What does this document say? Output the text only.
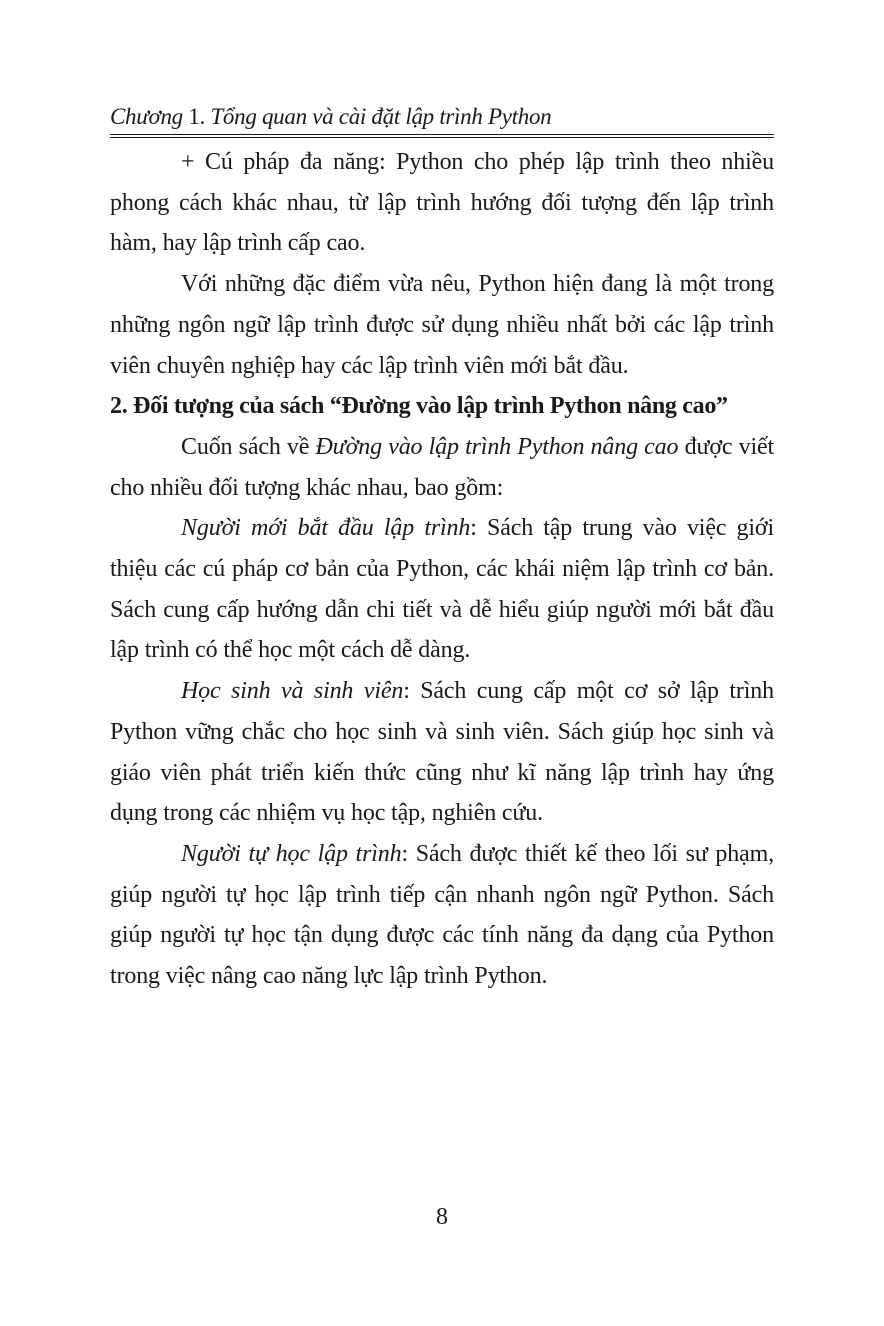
Chương 1. Tổng quan và cài đặt lập trình Python

+ Cú pháp đa năng: Python cho phép lập trình theo nhiều phong cách khác nhau, từ lập trình hướng đối tượng đến lập trình hàm, hay lập trình cấp cao.

Với những đặc điểm vừa nêu, Python hiện đang là một trong những ngôn ngữ lập trình được sử dụng nhiều nhất bởi các lập trình viên chuyên nghiệp hay các lập trình viên mới bắt đầu.

2. Đối tượng của sách “Đường vào lập trình Python nâng cao”

Cuốn sách về Đường vào lập trình Python nâng cao được viết cho nhiều đối tượng khác nhau, bao gồm:

Người mới bắt đầu lập trình: Sách tập trung vào việc giới thiệu các cú pháp cơ bản của Python, các khái niệm lập trình cơ bản. Sách cung cấp hướng dẫn chi tiết và dễ hiểu giúp người mới bắt đầu lập trình có thể học một cách dễ dàng.

Học sinh và sinh viên: Sách cung cấp một cơ sở lập trình Python vững chắc cho học sinh và sinh viên. Sách giúp học sinh và giáo viên phát triển kiến thức cũng như kĩ năng lập trình hay ứng dụng trong các nhiệm vụ học tập, nghiên cứu.

Người tự học lập trình: Sách được thiết kế theo lối sư phạm, giúp người tự học lập trình tiếp cận nhanh ngôn ngữ Python. Sách giúp người tự học tận dụng được các tính năng đa dạng của Python trong việc nâng cao năng lực lập trình Python.

8
